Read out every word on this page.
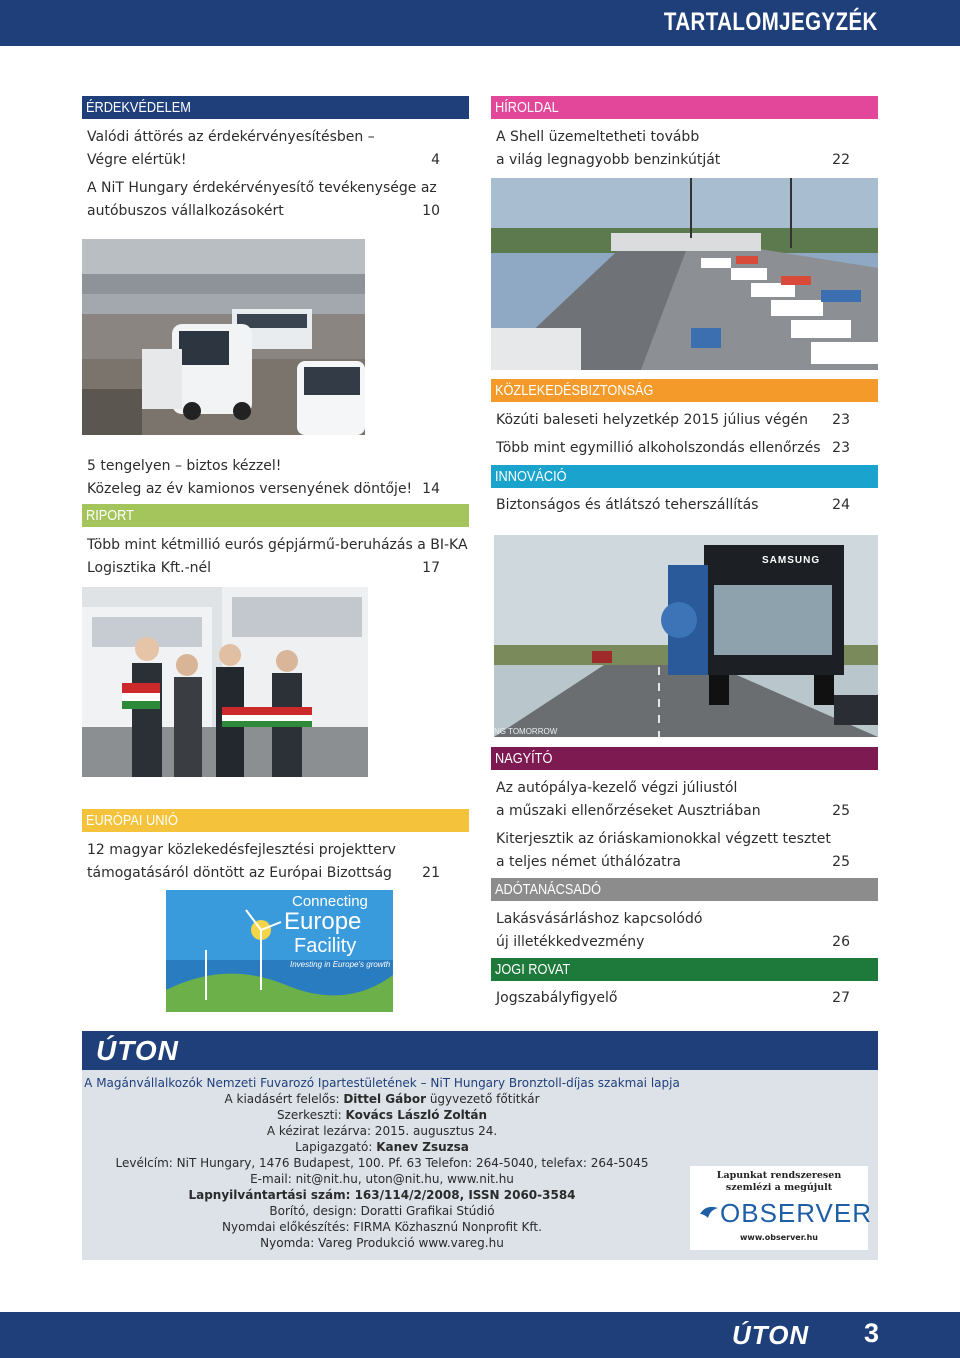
TARTALOMJEGYZÉK
ÉRDEKVÉDELEM
Valódi áttörés az érdekérvényesítésben –
Végre elértük!	4
A NiT Hungary érdekérvényesítő tevékenysége az
autóbuszos vállalkozásokért	10
5 tengelyen – biztos kézzel!
Közeleg az év kamionos versenyének döntője! 14
RIPORT
Több mint kétmillió eurós gépjármű-beruházás a BI-KA
Logisztika Kft.-nél	17
EURÓPAI UNIÓ
12 magyar közlekedésfejlesztési projektterv
támogatásáról döntött az Európai Bizottság	21
Connecting
Europe
Facility
Investing in Europe's growth
HÍROLDAL
A Shell üzemeltetheti tovább
a világ legnagyobb benzinkútját	22
KÖZLEKEDÉSBIZTONSÁG
Közúti baleseti helyzetkép 2015 július végén	23
Több mint egymillió alkoholszondás ellenőrzés 23
INNOVÁCIÓ
Biztonságos és átlátszó teherszállítás	24
SAMSUNG
NG TOMORROW
NAGYÍTÓ
Az autópálya-kezelő végzi júliustól
a műszaki ellenőrzéseket Ausztriában	25
Kiterjesztik az óriáskamionokkal végzett tesztet
a teljes német úthálózatra	25
ADÓTANÁCSADÓ
Lakásvásárláshoz kapcsolódó
új illetékkedvezmény	26
JOGI ROVAT
Jogszabályfigyelő	27
ÚTON
A Magánvállalkozók Nemzeti Fuvarozó Ipartestületének – NiT Hungary Bronztoll-díjas szakmai lapja
A kiadásért felelős: Dittel Gábor ügyvezető főtitkár
Szerkeszti: Kovács László Zoltán
A kézirat lezárva: 2015. augusztus 24.
Lapigazgató: Kanev Zsuzsa
Levélcím: NiT Hungary, 1476 Budapest, 100. Pf. 63 Telefon: 264-5040, telefax: 264-5045
E-mail: nit@nit.hu, uton@nit.hu, www.nit.hu
Lapnyilvántartási szám: 163/114/2/2008, ISSN 2060-3584
Borító, design: Doratti Grafikai Stúdió
Nyomdai előkészítés: FIRMA Közhasznú Nonprofit Kft.
Nyomda: Vareg Produkció www.vareg.hu
Lapunkat rendszeresen
szemlézi a megújult
OBSERVER
www.observer.hu
ÚTON 3
